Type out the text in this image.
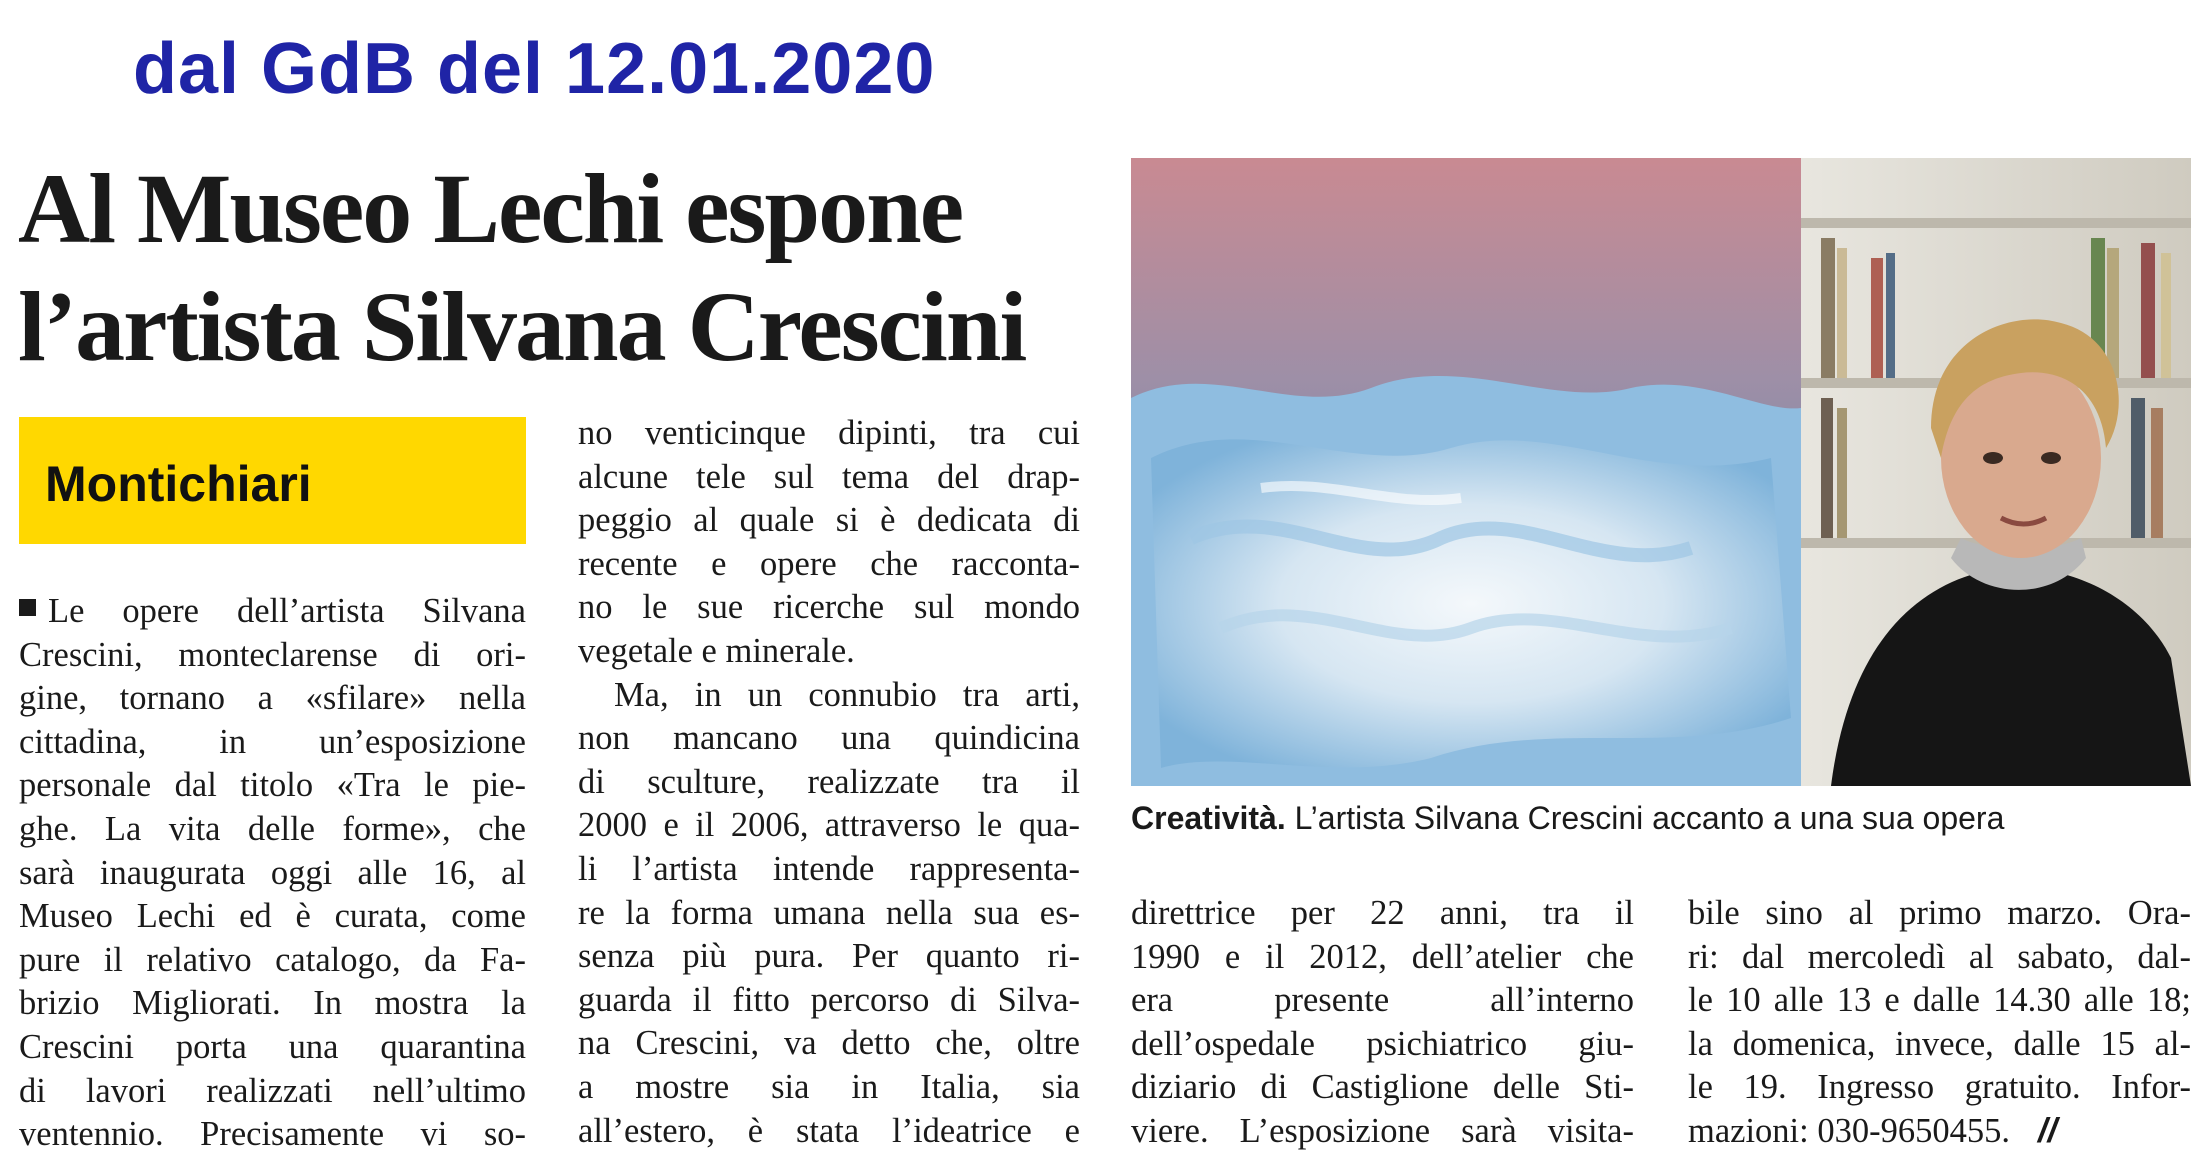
dal GdB del 12.01.2020
Al Museo Lechi espone
l’artista Silvana Crescini
Montichiari
Le opere dell’artista Silvana
Crescini, monteclarense di ori-
gine, tornano a «sfilare» nella
cittadina, in un’esposizione
personale dal titolo «Tra le pie-
ghe. La vita delle forme», che
sarà inaugurata oggi alle 16, al
Museo Lechi ed è curata, come
pure il relativo catalogo, da Fa-
brizio Migliorati. In mostra la
Crescini porta una quarantina
di lavori realizzati nell’ultimo
ventennio. Precisamente vi so-
no venticinque dipinti, tra cui
alcune tele sul tema del drap-
peggio al quale si è dedicata di
recente e opere che racconta-
no le sue ricerche sul mondo
vegetale e minerale.
Ma, in un connubio tra arti,
non mancano una quindicina
di sculture, realizzate tra il
2000 e il 2006, attraverso le qua-
li l’artista intende rappresenta-
re la forma umana nella sua es-
senza più pura. Per quanto ri-
guarda il fitto percorso di Silva-
na Crescini, va detto che, oltre
a mostre sia in Italia, sia
all’estero, è stata l’ideatrice e
direttrice per 22 anni, tra il
1990 e il 2012, dell’atelier che
era presente all’interno
dell’ospedale psichiatrico giu-
diziario di Castiglione delle Sti-
viere. L’esposizione sarà visita-
bile sino al primo marzo. Ora-
ri: dal mercoledì al sabato, dal-
le 10 alle 13 e dalle 14.30 alle 18;
la domenica, invece, dalle 15 al-
le 19. Ingresso gratuito. Infor-
mazioni: 030-9650455. //
Creatività. L’artista Silvana Crescini accanto a una sua opera
